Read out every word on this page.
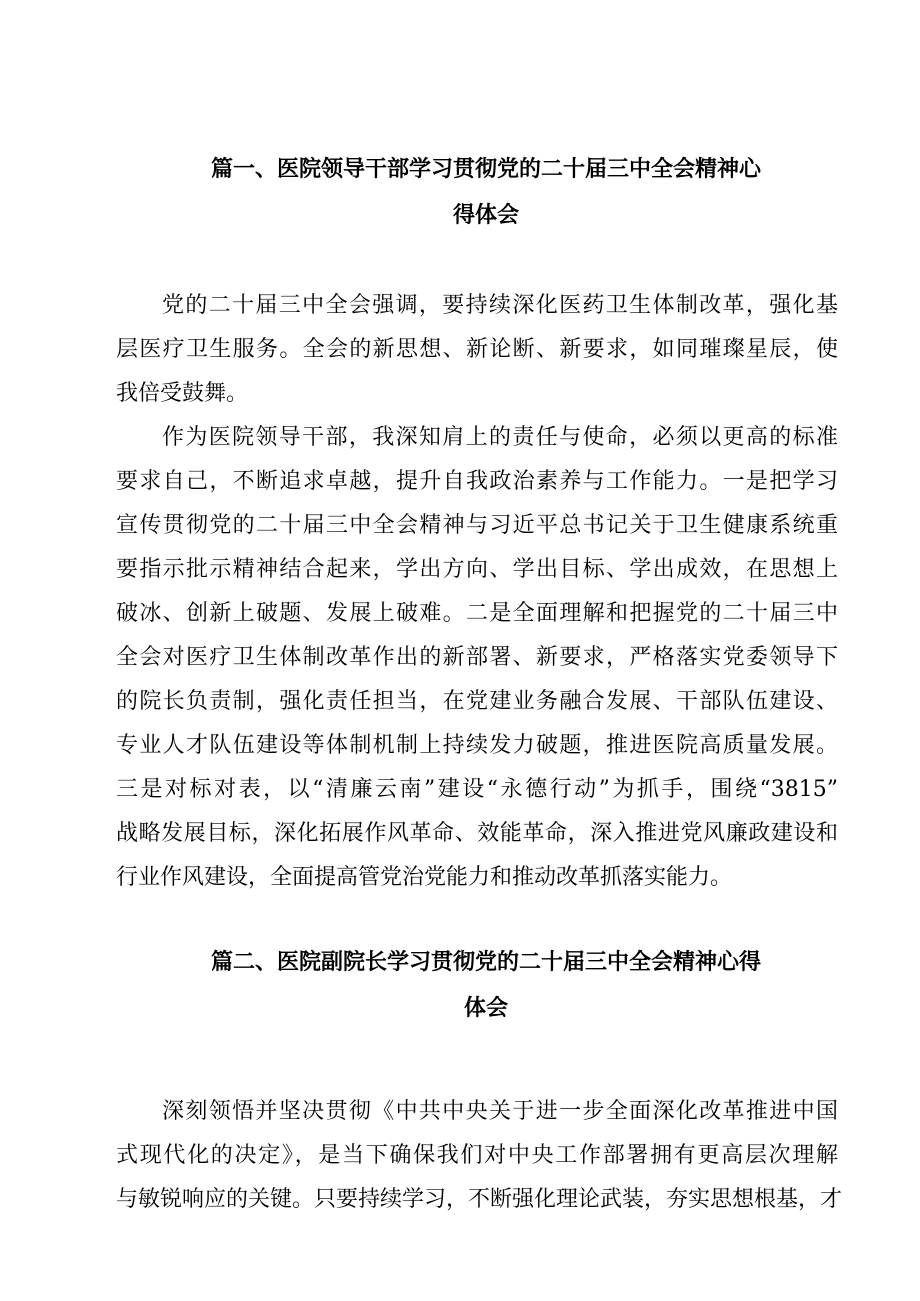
篇一、医院领导干部学习贯彻党的二十届三中全会精神心
得体会
党的二十届三中全会强调，要持续深化医药卫生体制改革，强化基
层医疗卫生服务。全会的新思想、新论断、新要求，如同璀璨星辰，使
我倍受鼓舞。
作为医院领导干部，我深知肩上的责任与使命，必须以更高的标准
要求自己，不断追求卓越，提升自我政治素养与工作能力。一是把学习
宣传贯彻党的二十届三中全会精神与习近平总书记关于卫生健康系统重
要指示批示精神结合起来，学出方向、学出目标、学出成效，在思想上
破冰、创新上破题、发展上破难。二是全面理解和把握党的二十届三中
全会对医疗卫生体制改革作出的新部署、新要求，严格落实党委领导下
的院长负责制，强化责任担当，在党建业务融合发展、干部队伍建设、
专业人才队伍建设等体制机制上持续发力破题，推进医院高质量发展。
三是对标对表，以“清廉云南”建设“永德行动”为抓手，围绕“3815”
战略发展目标，深化拓展作风革命、效能革命，深入推进党风廉政建设和
行业作风建设，全面提高管党治党能力和推动改革抓落实能力。
篇二、医院副院长学习贯彻党的二十届三中全会精神心得
体会
深刻领悟并坚决贯彻《中共中央关于进一步全面深化改革推进中国
式现代化的决定》，是当下确保我们对中央工作部署拥有更高层次理解
与敏锐响应的关键。只要持续学习，不断强化理论武装，夯实思想根基，才
